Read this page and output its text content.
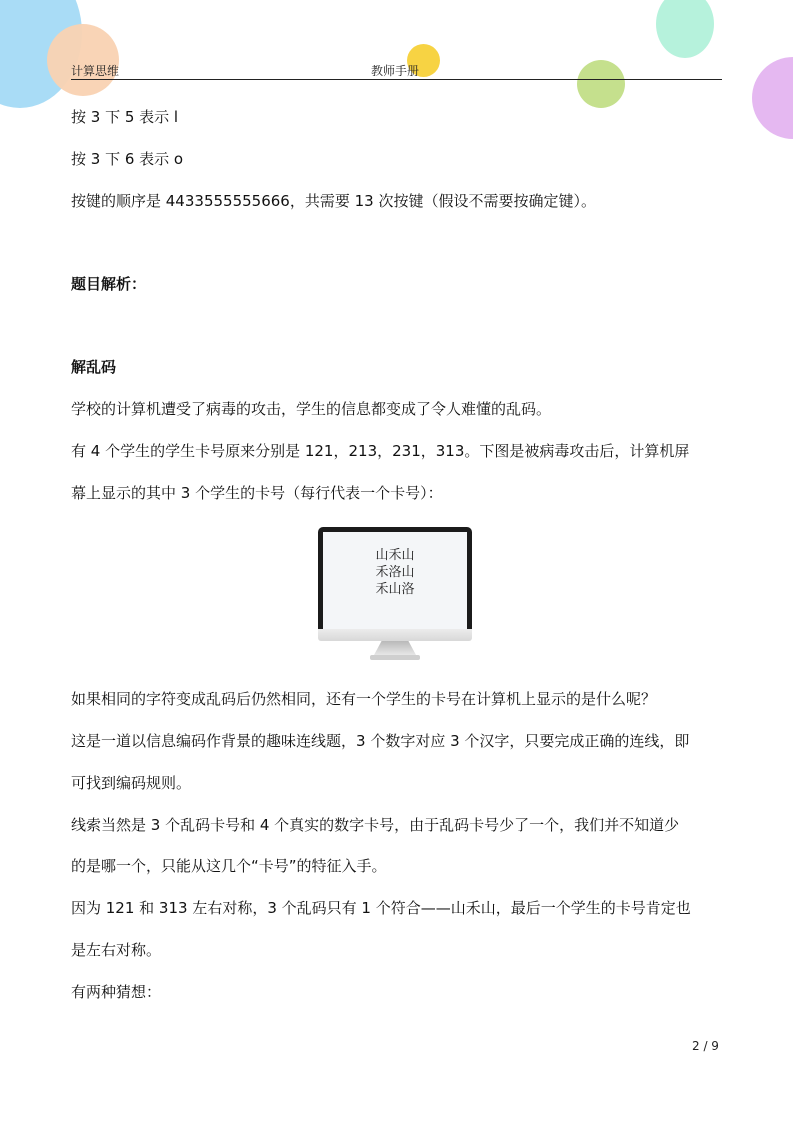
计算思维	教师手册
按 3 下 5 表示 l
按 3 下 6 表示 o
按键的顺序是 4433555555666，共需要 13 次按键（假设不需要按确定键）。
题目解析：
解乱码
学校的计算机遭受了病毒的攻击，学生的信息都变成了令人难懂的乱码。
有 4 个学生的学生卡号原来分别是 121，213，231，313。下图是被病毒攻击后，计算机屏
幕上显示的其中 3 个学生的卡号（每行代表一个卡号）：
山禾山
禾洛山
禾山洛
如果相同的字符变成乱码后仍然相同，还有一个学生的卡号在计算机上显示的是什么呢？
这是一道以信息编码作背景的趣味连线题，3 个数字对应 3 个汉字，只要完成正确的连线，即
可找到编码规则。
线索当然是 3 个乱码卡号和 4 个真实的数字卡号，由于乱码卡号少了一个，我们并不知道少
的是哪一个，只能从这几个“卡号”的特征入手。
因为 121 和 313 左右对称，3 个乱码只有 1 个符合——山禾山，最后一个学生的卡号肯定也
是左右对称。
有两种猜想：
2 / 9
